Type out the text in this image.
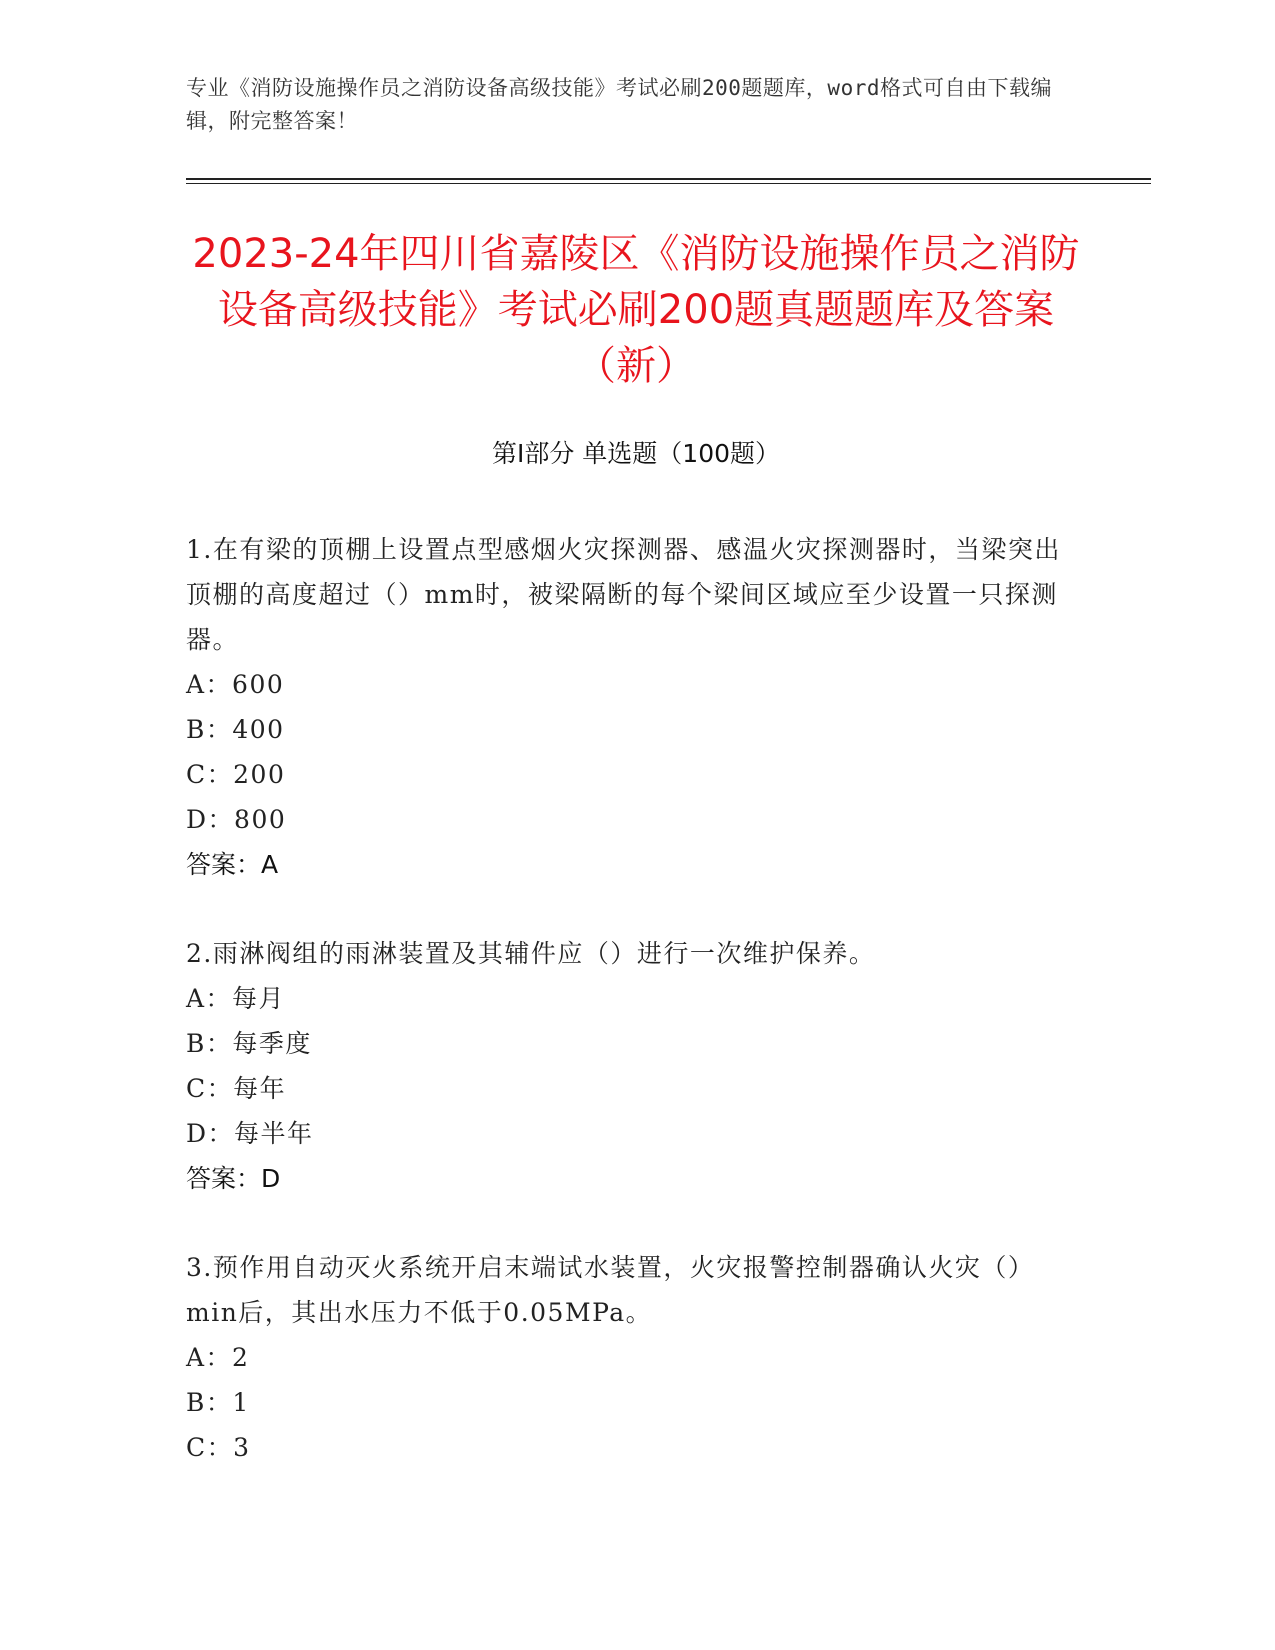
专业《消防设施操作员之消防设备高级技能》考试必刷200题题库，word格式可自由下载编辑，附完整答案！
2023-24年四川省嘉陵区《消防设施操作员之消防设备高级技能》考试必刷200题真题题库及答案（新）
第I部分 单选题（100题）
1.在有梁的顶棚上设置点型感烟火灾探测器、感温火灾探测器时，当梁突出顶棚的高度超过（）mm时，被梁隔断的每个梁间区域应至少设置一只探测器。
A：600
B：400
C：200
D：800
答案：A
2.雨淋阀组的雨淋装置及其辅件应（）进行一次维护保养。
A：每月
B：每季度
C：每年
D：每半年
答案：D
3.预作用自动灭火系统开启末端试水装置，火灾报警控制器确认火灾（）min后，其出水压力不低于0.05MPa。
A：2
B：1
C：3
